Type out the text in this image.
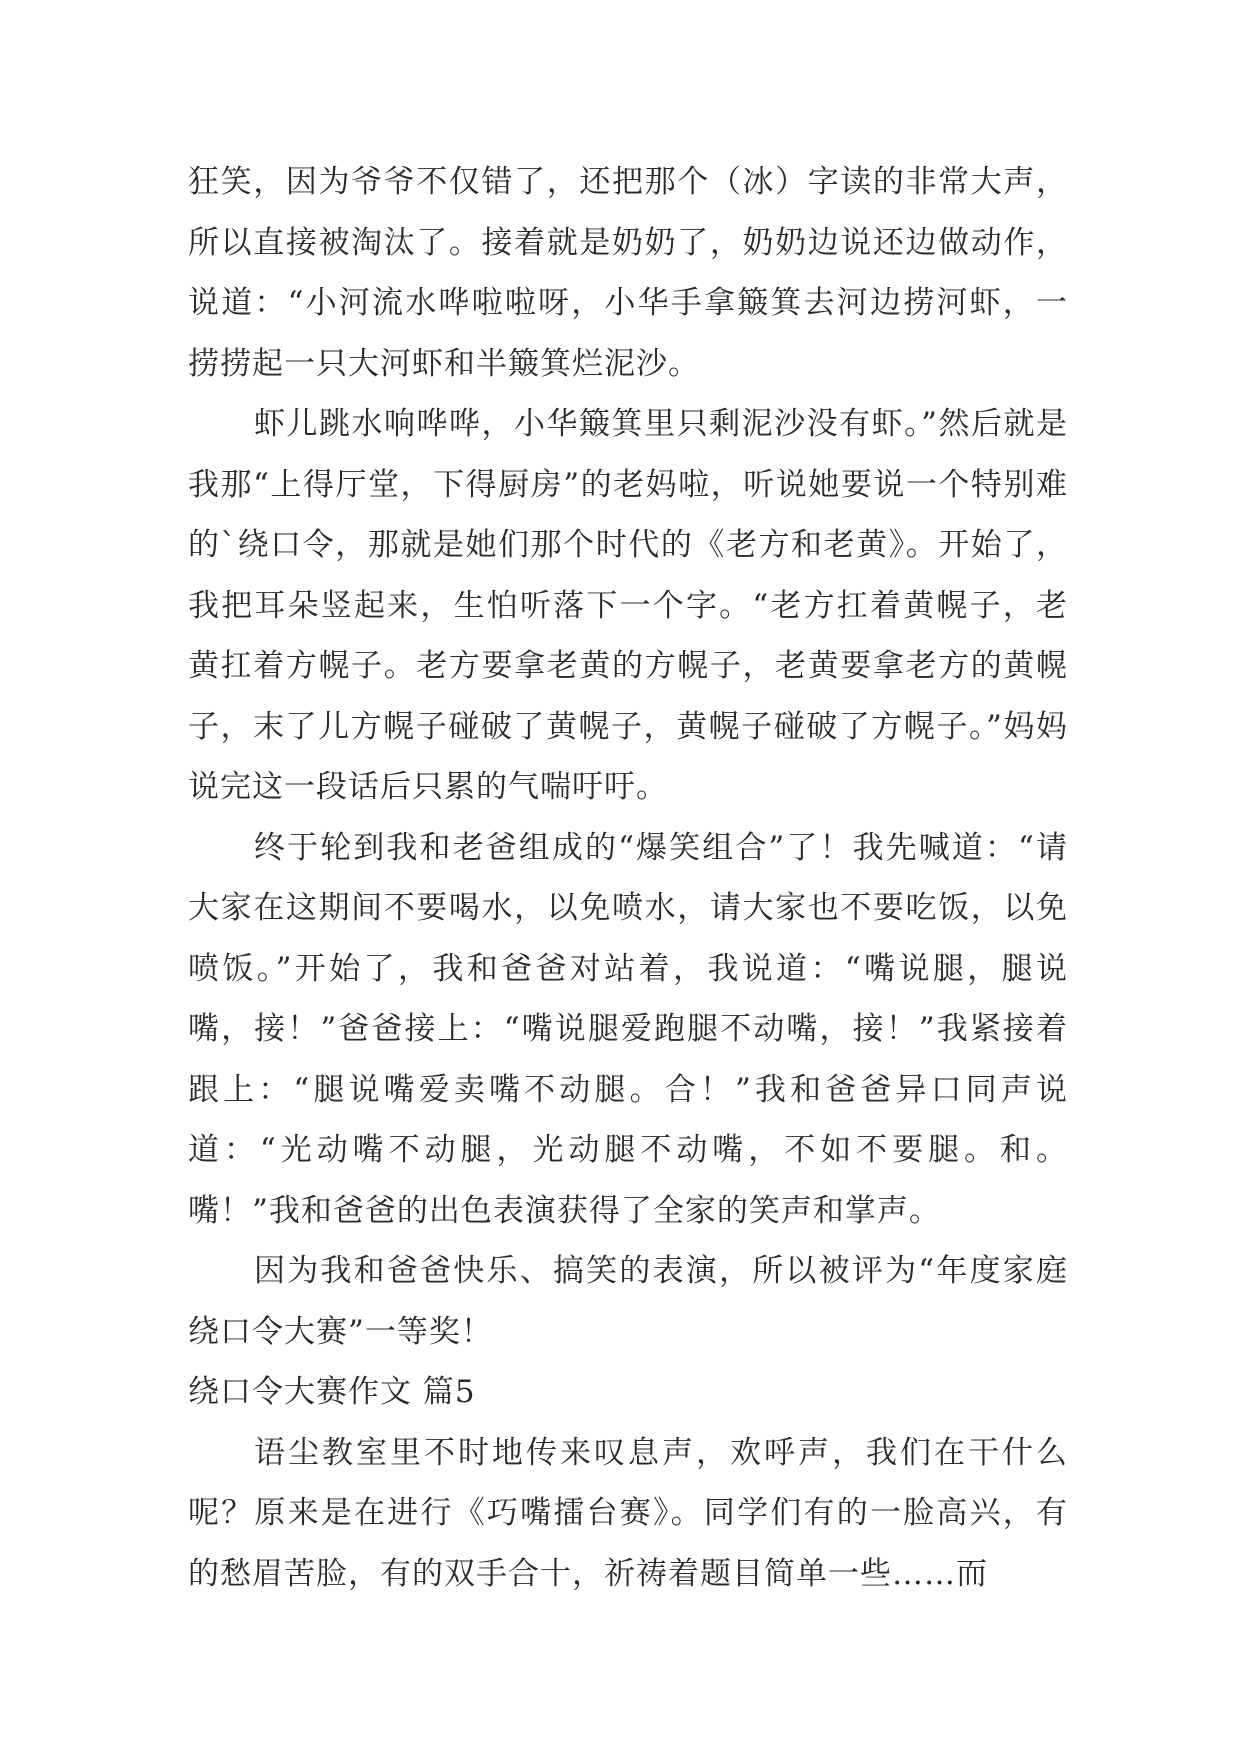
狂笑，因为爷爷不仅错了，还把那个（冰）字读的非常大声，所以直接被淘汰了。接着就是奶奶了，奶奶边说还边做动作，说道：“小河流水哗啦啦呀，小华手拿簸箕去河边捞河虾，一捞捞起一只大河虾和半簸箕烂泥沙。

虾儿跳水响哗哗，小华簸箕里只剩泥沙没有虾。”然后就是我那“上得厅堂，下得厨房”的老妈啦，听说她要说一个特别难的`绕口令，那就是她们那个时代的《老方和老黄》。开始了，我把耳朵竖起来，生怕听落下一个字。“老方扛着黄幌子，老黄扛着方幌子。老方要拿老黄的方幌子，老黄要拿老方的黄幌子，末了儿方幌子碰破了黄幌子，黄幌子碰破了方幌子。”妈妈说完这一段话后只累的气喘吁吁。

终于轮到我和老爸组成的“爆笑组合”了！我先喊道：“请大家在这期间不要喝水，以免喷水，请大家也不要吃饭，以免喷饭。”开始了，我和爸爸对站着，我说道：“嘴说腿，腿说嘴，接！”爸爸接上：“嘴说腿爱跑腿不动嘴，接！”我紧接着跟上：“腿说嘴爱卖嘴不动腿。合！”我和爸爸异口同声说道：“光动嘴不动腿，光动腿不动嘴，不如不要腿。和。嘴！”我和爸爸的出色表演获得了全家的笑声和掌声。

因为我和爸爸快乐、搞笑的表演，所以被评为“年度家庭绕口令大赛”一等奖！

绕口令大赛作文 篇5

语尘教室里不时地传来叹息声，欢呼声，我们在干什么呢？原来是在进行《巧嘴擂台赛》。同学们有的一脸高兴，有的愁眉苦脸，有的双手合十，祈祷着题目简单一些……而
